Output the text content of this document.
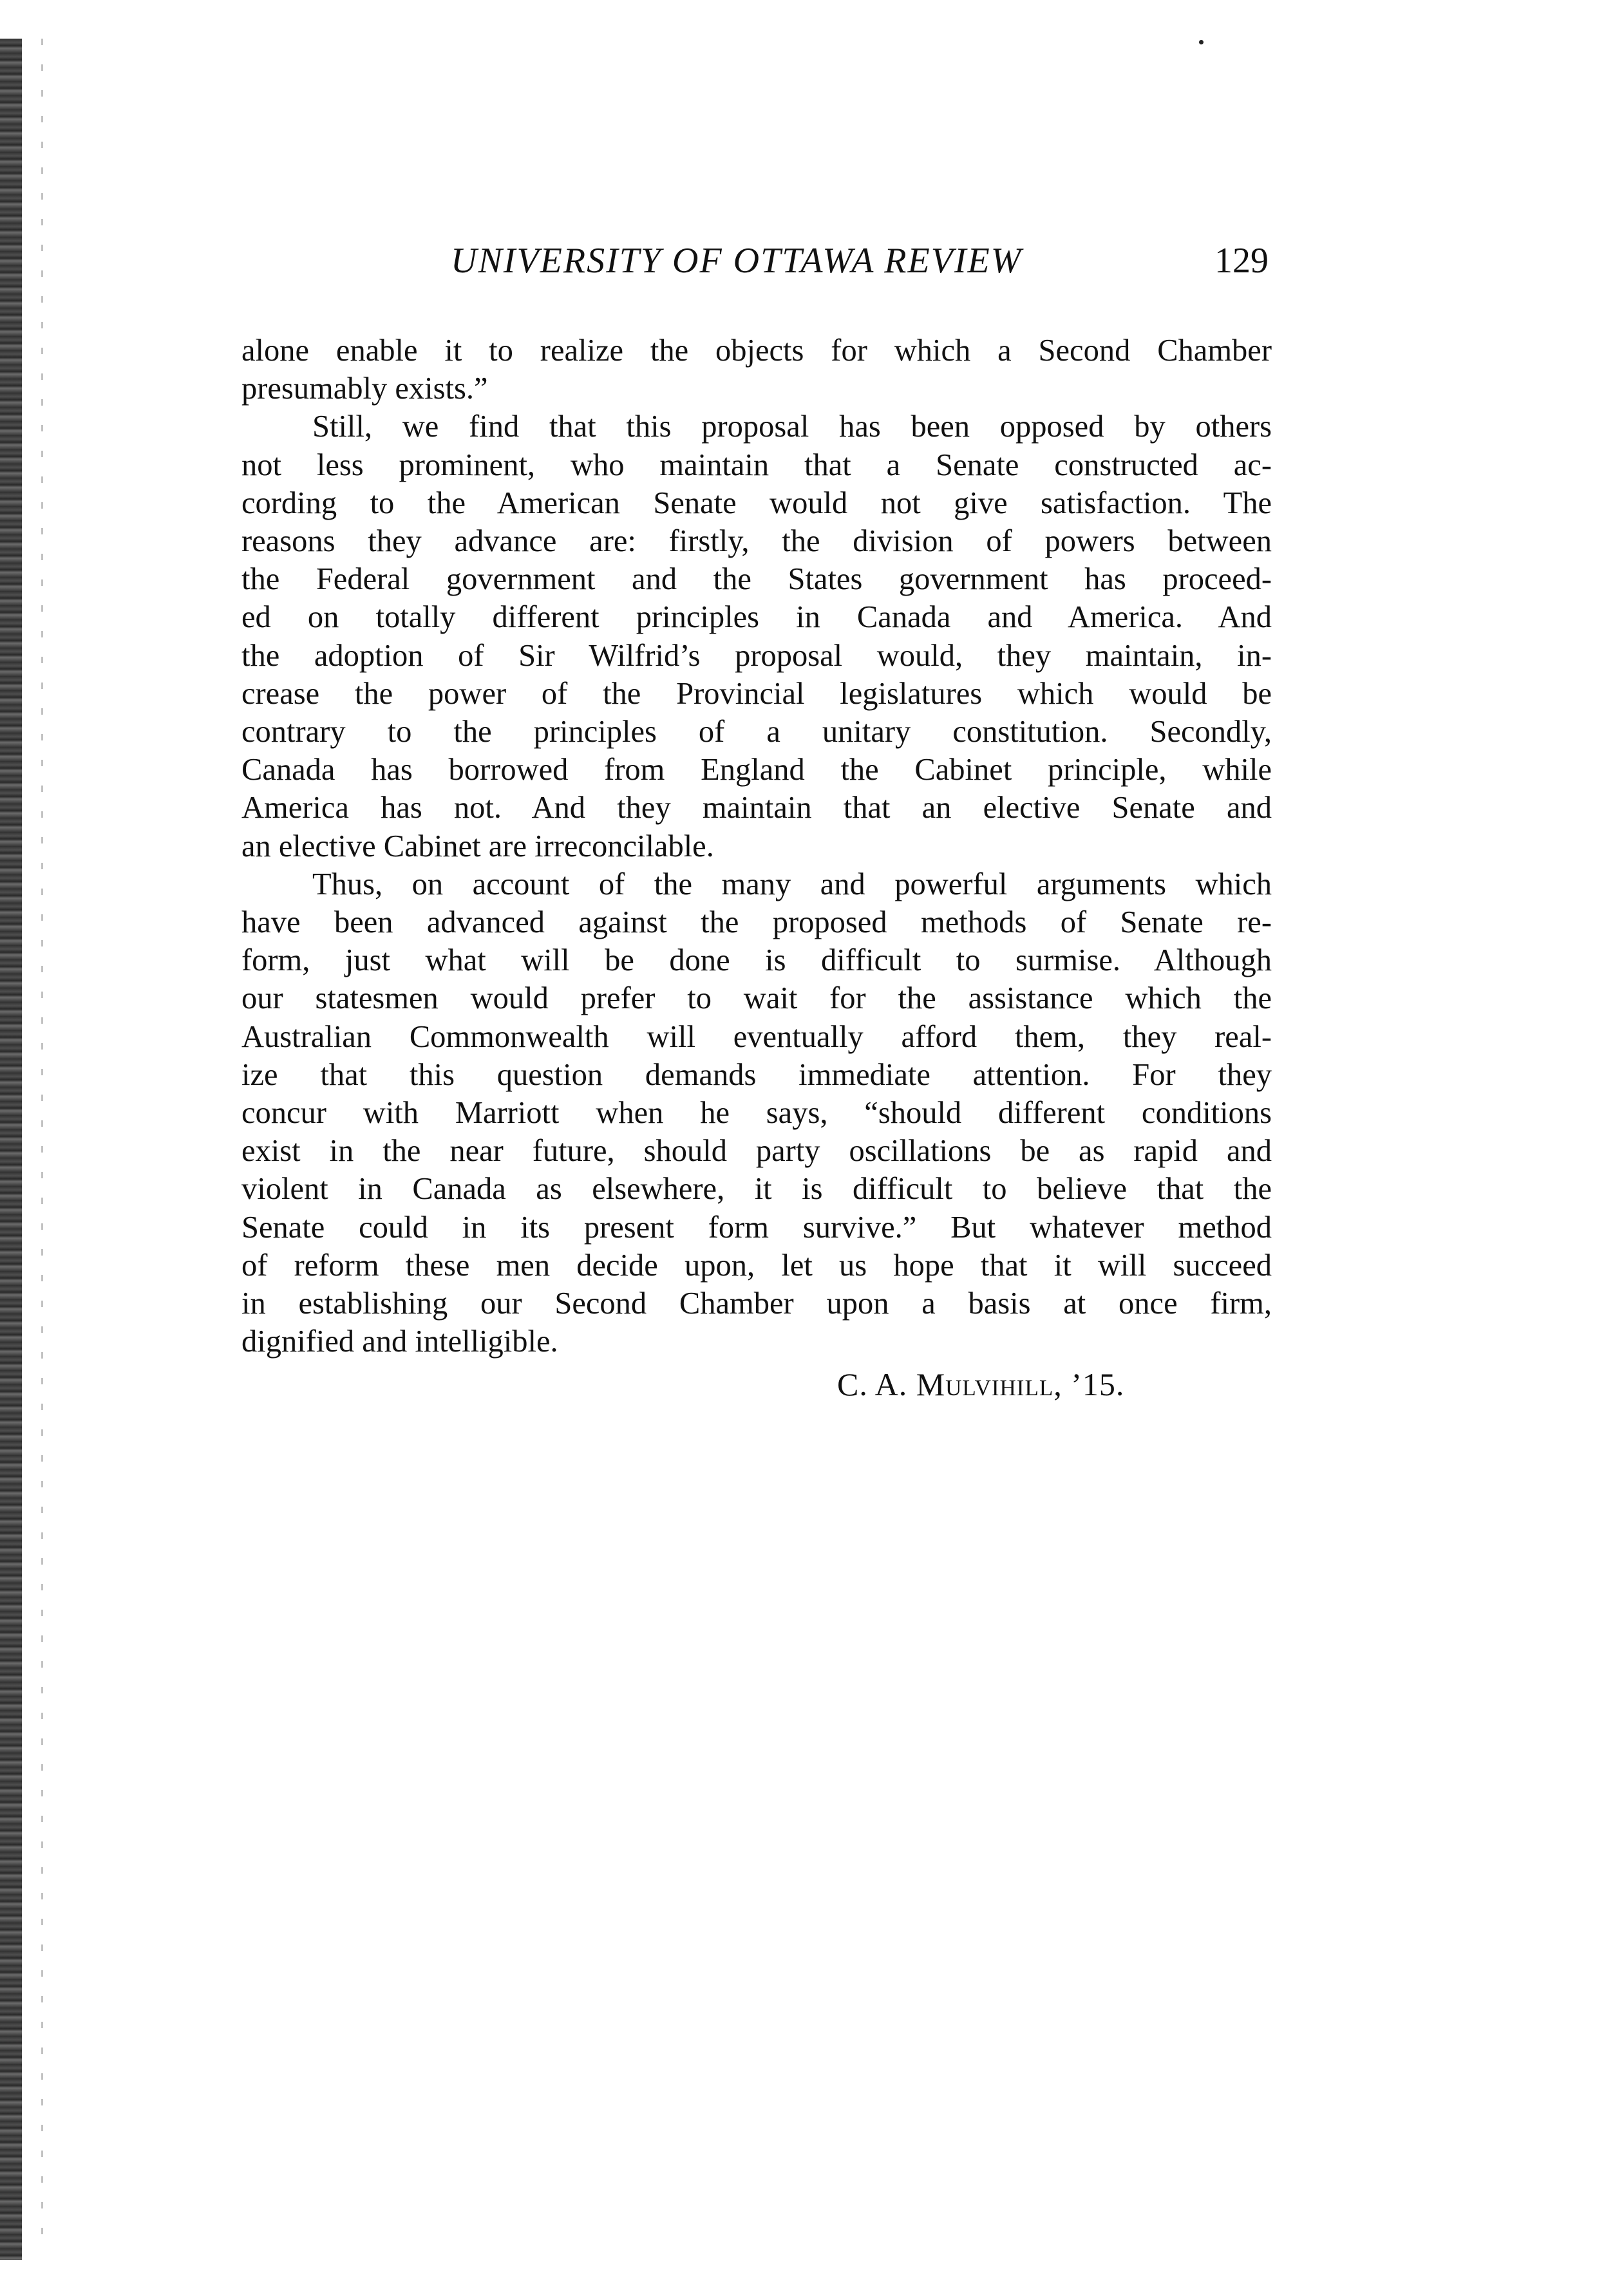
UNIVERSITY OF OTTAWA REVIEW	129
alone enable it to realize the objects for which a Second Chamber
presumably exists.”
Still, we find that this proposal has been opposed by others
not less prominent, who maintain that a Senate constructed ac-
cording to the American Senate would not give satisfaction. The
reasons they advance are: firstly, the division of powers between
the Federal government and the States government has proceed-
ed on totally different principles in Canada and America. And
the adoption of Sir Wilfrid’s proposal would, they maintain, in-
crease the power of the Provincial legislatures which would be
contrary to the principles of a unitary constitution. Secondly,
Canada has borrowed from England the Cabinet principle, while
America has not. And they maintain that an elective Senate and
an elective Cabinet are irreconcilable.
Thus, on account of the many and powerful arguments which
have been advanced against the proposed methods of Senate re-
form, just what will be done is difficult to surmise. Although
our statesmen would prefer to wait for the assistance which the
Australian Commonwealth will eventually afford them, they real-
ize that this question demands immediate attention. For they
concur with Marriott when he says, “should different conditions
exist in the near future, should party oscillations be as rapid and
violent in Canada as elsewhere, it is difficult to believe that the
Senate could in its present form survive.” But whatever method
of reform these men decide upon, let us hope that it will succeed
in establishing our Second Chamber upon a basis at once firm,
dignified and intelligible.
C. A. Mulvihill, ’15.
